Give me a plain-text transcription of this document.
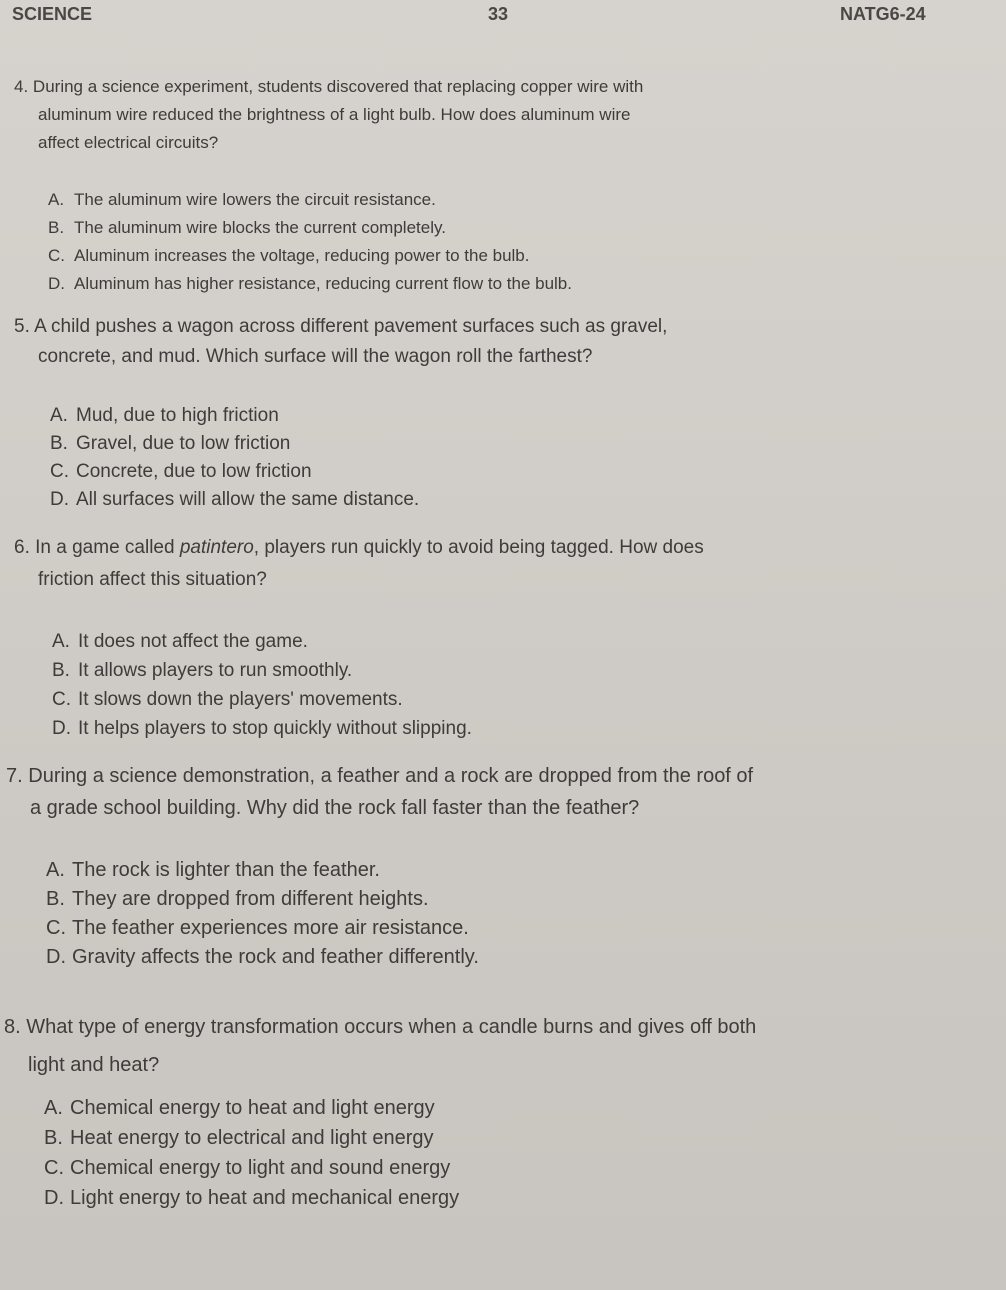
SCIENCE	33	NATG6-24
4. During a science experiment, students discovered that replacing copper wire with
aluminum wire reduced the brightness of a light bulb. How does aluminum wire
affect electrical circuits?
A. The aluminum wire lowers the circuit resistance.
B. The aluminum wire blocks the current completely.
C. Aluminum increases the voltage, reducing power to the bulb.
D. Aluminum has higher resistance, reducing current flow to the bulb.
5. A child pushes a wagon across different pavement surfaces such as gravel,
concrete, and mud. Which surface will the wagon roll the farthest?
A. Mud, due to high friction
B. Gravel, due to low friction
C. Concrete, due to low friction
D. All surfaces will allow the same distance.
6. In a game called patintero, players run quickly to avoid being tagged. How does
friction affect this situation?
A. It does not affect the game.
B. It allows players to run smoothly.
C. It slows down the players' movements.
D. It helps players to stop quickly without slipping.
7. During a science demonstration, a feather and a rock are dropped from the roof of
a grade school building. Why did the rock fall faster than the feather?
A. The rock is lighter than the feather.
B. They are dropped from different heights.
C. The feather experiences more air resistance.
D. Gravity affects the rock and feather differently.
8. What type of energy transformation occurs when a candle burns and gives off both
light and heat?
A. Chemical energy to heat and light energy
B. Heat energy to electrical and light energy
C. Chemical energy to light and sound energy
D. Light energy to heat and mechanical energy
